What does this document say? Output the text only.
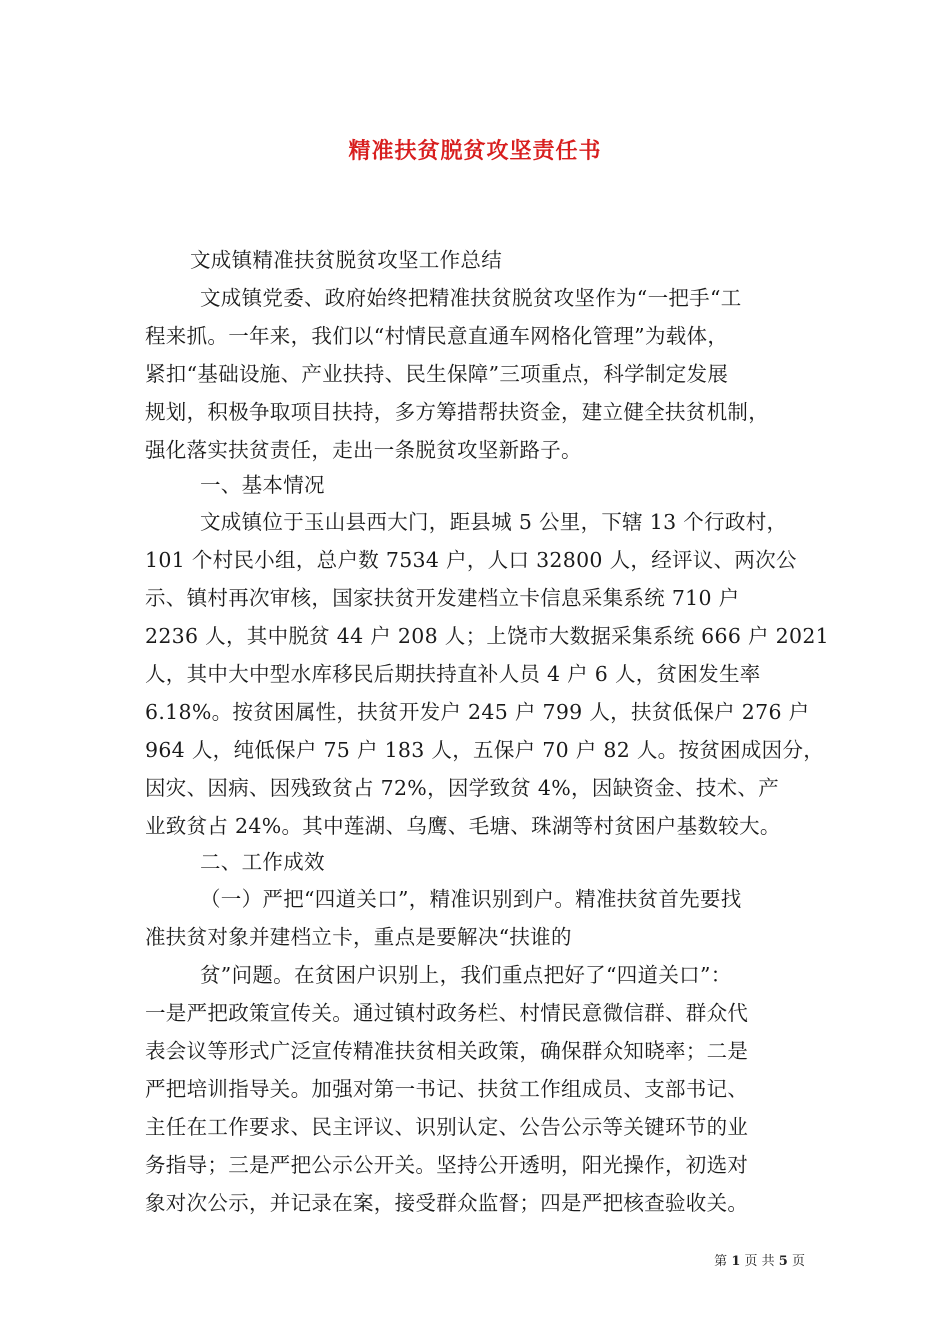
精准扶贫脱贫攻坚责任书
文成镇精准扶贫脱贫攻坚工作总结
文成镇党委、政府始终把精准扶贫脱贫攻坚作为“一把手“工
程来抓。一年来，我们以“村情民意直通车网格化管理”为载体，
紧扣“基础设施、产业扶持、民生保障”三项重点，科学制定发展
规划，积极争取项目扶持，多方筹措帮扶资金，建立健全扶贫机制，
强化落实扶贫责任，走出一条脱贫攻坚新路子。
一、基本情况
文成镇位于玉山县西大门，距县城 5 公里，下辖 13 个行政村，
101 个村民小组，总户数 7534 户，人口 32800 人，经评议、两次公
示、镇村再次审核，国家扶贫开发建档立卡信息采集系统 710 户
2236 人，其中脱贫 44 户 208 人；上饶市大数据采集系统 666 户 2021
人，其中大中型水库移民后期扶持直补人员 4 户 6 人，贫困发生率
6.18%。按贫困属性，扶贫开发户 245 户 799 人，扶贫低保户 276 户
964 人，纯低保户 75 户 183 人，五保户 70 户 82 人。按贫困成因分，
因灾、因病、因残致贫占 72%，因学致贫 4%，因缺资金、技术、产
业致贫占 24%。其中莲湖、乌鹰、毛塘、珠湖等村贫困户基数较大。
二、工作成效
（一）严把“四道关口”，精准识别到户。精准扶贫首先要找
准扶贫对象并建档立卡，重点是要解决“扶谁的
贫”问题。在贫困户识别上，我们重点把好了“四道关口”：
一是严把政策宣传关。通过镇村政务栏、村情民意微信群、群众代
表会议等形式广泛宣传精准扶贫相关政策，确保群众知晓率；二是
严把培训指导关。加强对第一书记、扶贫工作组成员、支部书记、
主任在工作要求、民主评议、识别认定、公告公示等关键环节的业
务指导；三是严把公示公开关。坚持公开透明，阳光操作，初选对
象对次公示，并记录在案，接受群众监督；四是严把核查验收关。
第 1 页 共 5 页
